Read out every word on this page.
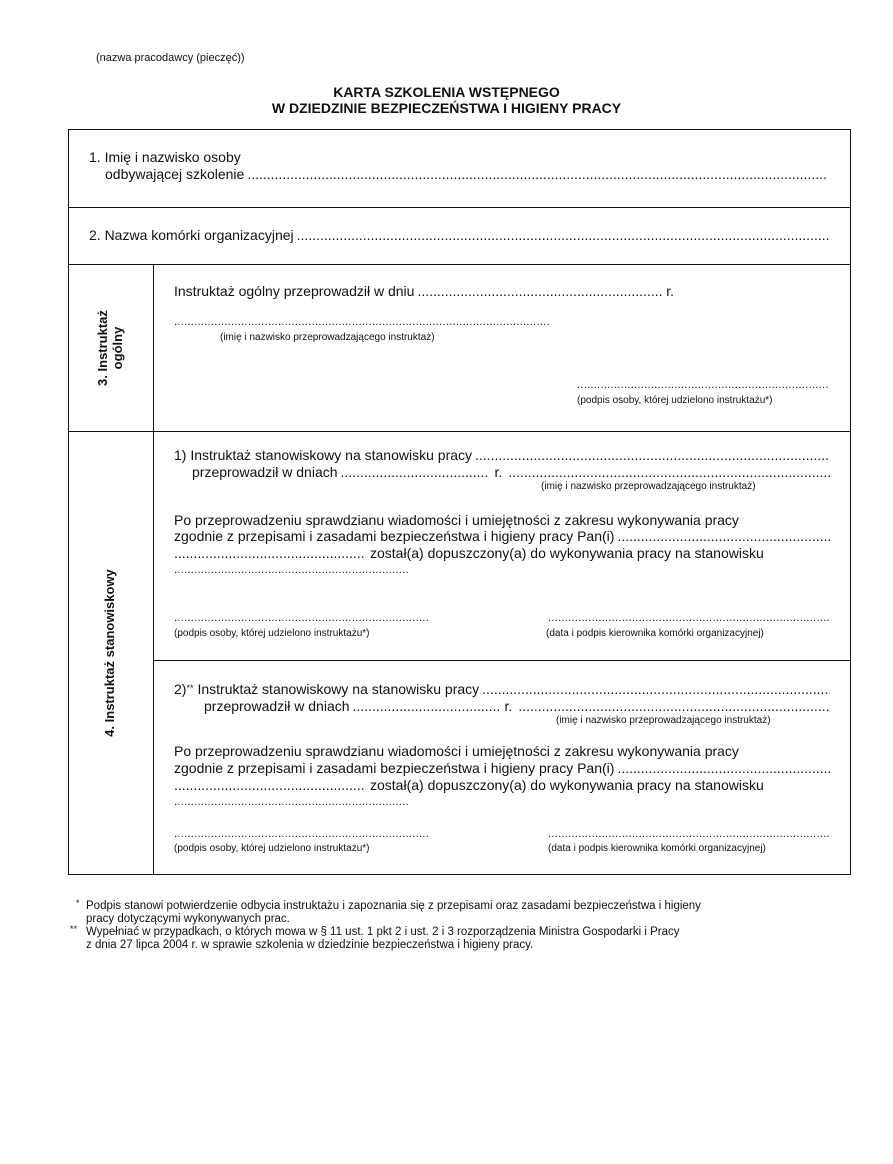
(nazwa pracodawcy (pieczęć))
KARTA SZKOLENIA WSTĘPNEGO
W DZIEDZINIE BEZPIECZEŃSTWA I HIGIENY PRACY
1. Imię i nazwisko osoby
odbywającej szkolenie
.....
2. Nazwa komórki organizacyjnej
.....
3. Instruktaż ogólny
Instruktaż ogólny przeprowadził w dniu .....	r.
.....
(imię i nazwisko przeprowadzającego instruktaż)
.....
(podpis osoby, której udzielono instruktażu*)
4. Instruktaż stanowiskowy
1) Instruktaż stanowiskowy na stanowisku pracy
.....
przeprowadził w dniach .....	r.
.....
(imię i nazwisko przeprowadzającego instruktaż)
Po przeprowadzeniu sprawdzianu wiadomości i umiejętności z zakresu wykonywania pracy
zgodnie z przepisami i zasadami bezpieczeństwa i higieny pracy Pan(i)
.....
.....
został(a) dopuszczony(a) do wykonywania pracy na stanowisku
.....
.....
.....
(podpis osoby, której udzielono instruktażu*)	(data i podpis kierownika komórki organizacyjnej)
2)** Instruktaż stanowiskowy na stanowisku pracy
.....
przeprowadził w dniach .....	r.
.....
(imię i nazwisko przeprowadzającego instruktaż)
Po przeprowadzeniu sprawdzianu wiadomości i umiejętności z zakresu wykonywania pracy
zgodnie z przepisami i zasadami bezpieczeństwa i higieny pracy Pan(i)
.....
.....
został(a) dopuszczony(a) do wykonywania pracy na stanowisku
.....
.....
.....
(podpis osoby, której udzielono instruktażu*)	(data i podpis kierownika komórki organizacyjnej)
* Podpis stanowi potwierdzenie odbycia instruktażu i zapoznania się z przepisami oraz zasadami bezpieczeństwa i higieny
pracy dotyczącymi wykonywanych prac.
** Wypełniać w przypadkach, o których mowa w § 11 ust. 1 pkt 2 i ust. 2 i 3 rozporządzenia Ministra Gospodarki i Pracy
z dnia 27 lipca 2004 r. w sprawie szkolenia w dziedzinie bezpieczeństwa i higieny pracy.
